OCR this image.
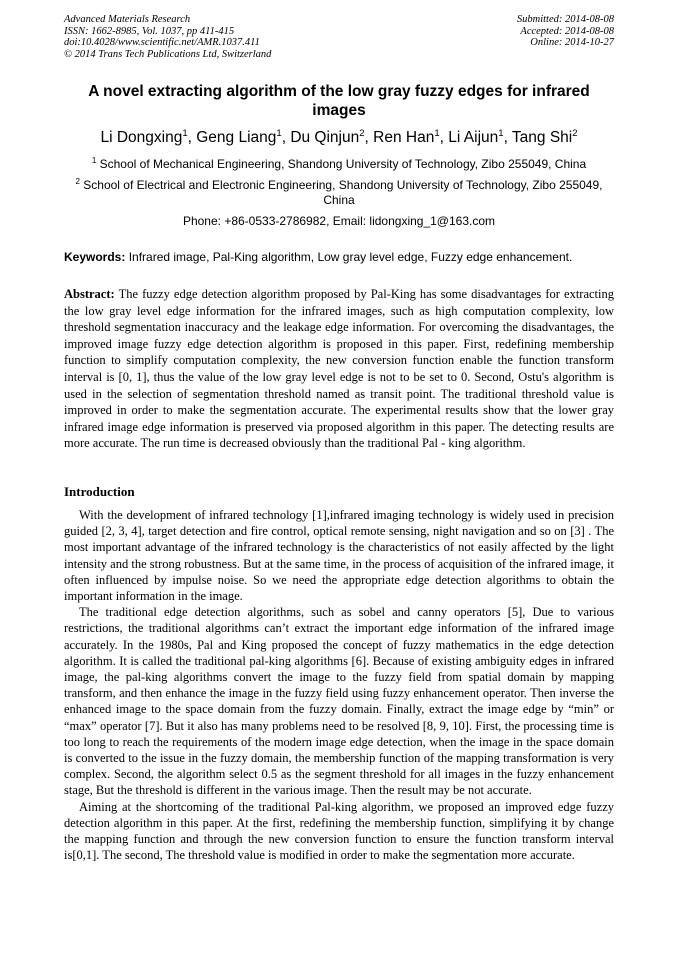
Advanced Materials Research
ISSN: 1662-8985, Vol. 1037, pp 411-415
doi:10.4028/www.scientific.net/AMR.1037.411
© 2014 Trans Tech Publications Ltd, Switzerland
Submitted: 2014-08-08
Accepted: 2014-08-08
Online: 2014-10-27
A novel extracting algorithm of the low gray fuzzy edges for infrared images
Li Dongxing$^1$, Geng Liang$^1$, Du Qinjun$^2$, Ren Han$^1$, Li Aijun$^1$, Tang Shi$^2$
$^1$ School of Mechanical Engineering, Shandong University of Technology, Zibo 255049, China
$^2$ School of Electrical and Electronic Engineering, Shandong University of Technology, Zibo 255049, China
Phone: +86-0533-2786982, Email: lidongxing_1@163.com
Keywords: Infrared image, Pal-King algorithm, Low gray level edge, Fuzzy edge enhancement.
Abstract: The fuzzy edge detection algorithm proposed by Pal-King has some disadvantages for extracting the low gray level edge information for the infrared images, such as high computation complexity, low threshold segmentation inaccuracy and the leakage edge information. For overcoming the disadvantages, the improved image fuzzy edge detection algorithm is proposed in this paper. First, redefining membership function to simplify computation complexity, the new conversion function enable the function transform interval is [0, 1], thus the value of the low gray level edge is not to be set to 0. Second, Ostu's algorithm is used in the selection of segmentation threshold named as transit point. The traditional threshold value is improved in order to make the segmentation accurate. The experimental results show that the lower gray infrared image edge information is preserved via proposed algorithm in this paper. The detecting results are more accurate. The run time is decreased obviously than the traditional Pal - king algorithm.
Introduction

With the development of infrared technology [1],infrared imaging technology is widely used in precision guided [2, 3, 4], target detection and fire control, optical remote sensing, night navigation and so on [3] . The most important advantage of the infrared technology is the characteristics of not easily affected by the light intensity and the strong robustness. But at the same time, in the process of acquisition of the infrared image, it often influenced by impulse noise. So we need the appropriate edge detection algorithms to obtain the important information in the image.

The traditional edge detection algorithms, such as sobel and canny operators [5], Due to various restrictions, the traditional algorithms can’t extract the important edge information of the infrared image accurately. In the 1980s, Pal and King proposed the concept of fuzzy mathematics in the edge detection algorithm. It is called the traditional pal-king algorithms [6]. Because of existing ambiguity edges in infrared image, the pal-king algorithms convert the image to the fuzzy field from spatial domain by mapping transform, and then enhance the image in the fuzzy field using fuzzy enhancement operator. Then inverse the enhanced image to the space domain from the fuzzy domain. Finally, extract the image edge by “min” or “max” operator [7]. But it also has many problems need to be resolved [8, 9, 10]. First, the processing time is too long to reach the requirements of the modern image edge detection, when the image in the space domain is converted to the issue in the fuzzy domain, the membership function of the mapping transformation is very complex. Second, the algorithm select 0.5 as the segment threshold for all images in the fuzzy enhancement stage, But the threshold is different in the various image. Then the result may be not accurate.

Aiming at the shortcoming of the traditional Pal-king algorithm, we proposed an improved edge fuzzy detection algorithm in this paper. At the first, redefining the membership function, simplifying it by change the mapping function and through the new conversion function to ensure the function transform interval is[0,1]. The second, The threshold value is modified in order to make the segmentation more accurate.
